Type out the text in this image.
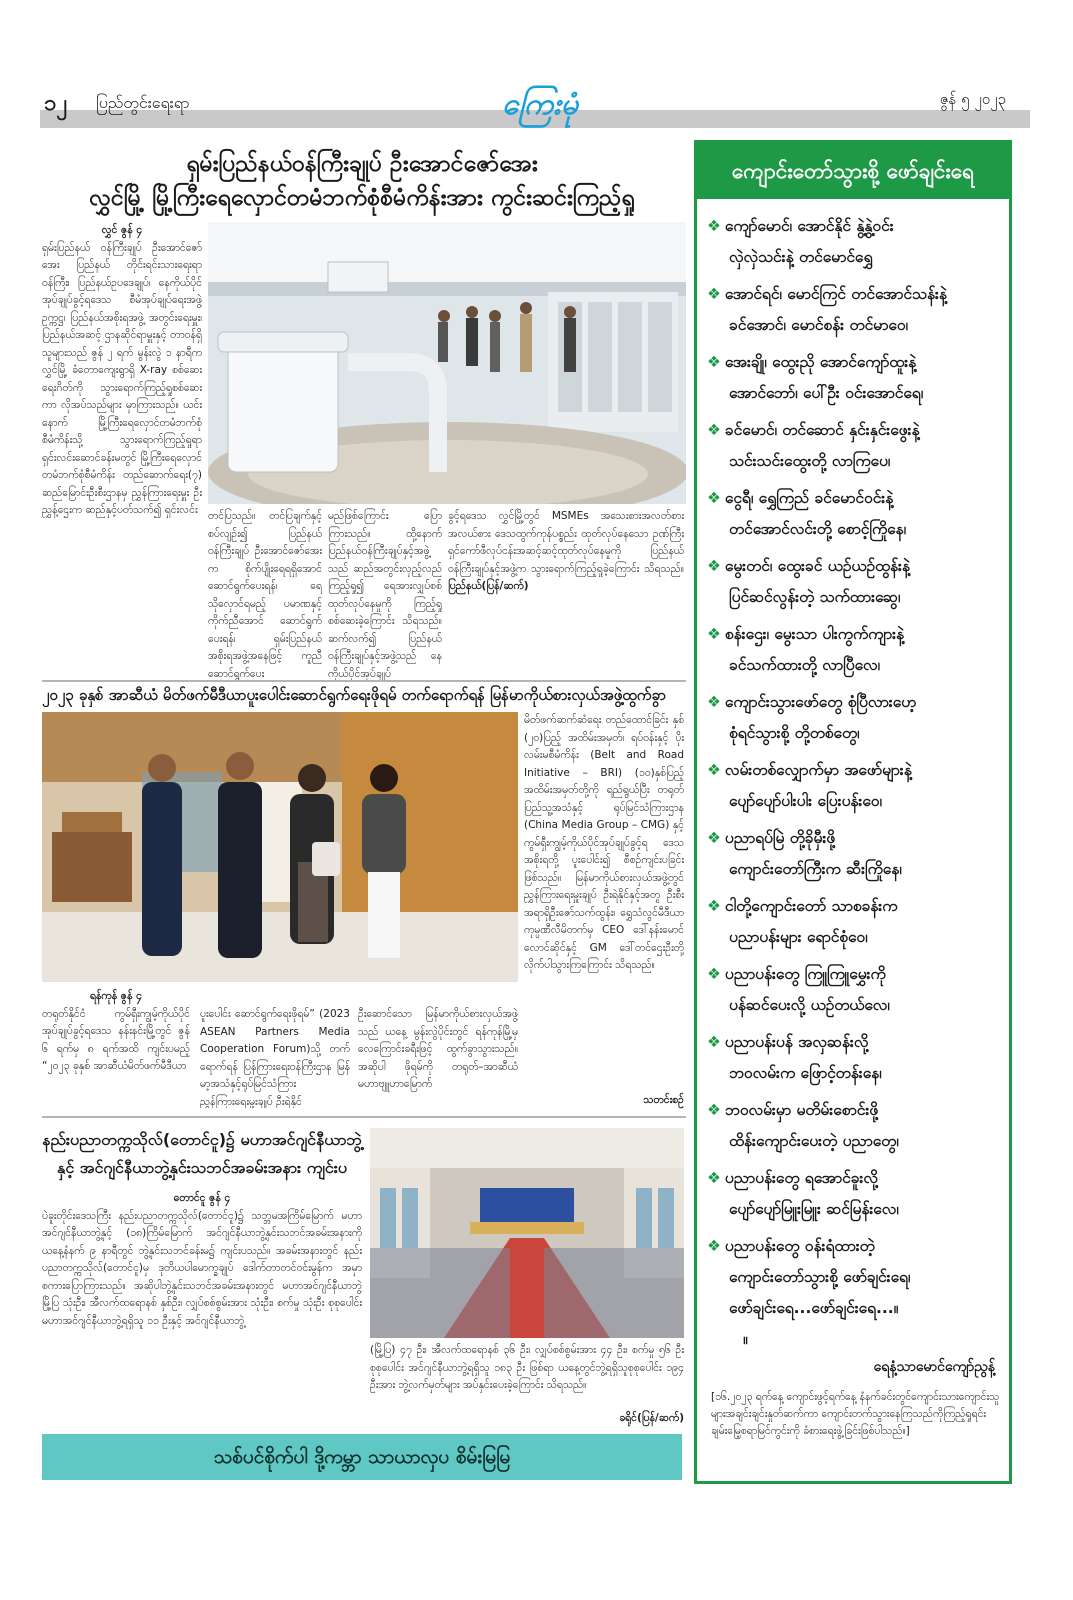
၁၂ ပြည်တွင်းရေးရာ	ကြေးမုံ	ဇွန် ၅ ၂၀၂၃
ရှမ်းပြည်နယ်ဝန်ကြီးချုပ် ဦးအောင်ဇော်အေး
လွှင်မြို့ မြို့ကြီးရေလှောင်တမံဘက်စုံစီမံကိန်းအား ကွင်းဆင်းကြည့်ရှု
လွှင် ဇွန် ၄
ရှမ်းပြည်နယ် ဝန်ကြီးချုပ် ဦးအောင်ဇော်အေး ပြည်နယ် တိုင်းရင်းသားရေးရာဝန်ကြီး၊ ပြည်နယ်ဥပဒေချုပ်၊ နေကိုယ်ပိုင်အုပ်ချုပ်ခွင့်ရဒေသ စီမံအုပ်ချုပ်ရေးအဖွဲ့ဥက္ကဋ္ဌ၊ ပြည်နယ်အစိုးရအဖွဲ့ အတွင်းရေးမှူး၊ ပြည်နယ်အဆင့် ဌာနဆိုင်ရာမှူးနှင့် တာဝန်ရှိသူများသည် ဇွန် ၂ ရက် မွန်းလွဲ ၁ နာရီက လွှင်မြို့ ခံတောကျေးရွာရှိ X-ray စစ်ဆေးရေးဂိတ်ကို သွားရောက်ကြည့်ရှုစစ်ဆေးကာ လိုအပ်သည်များ မှာကြားသည်။ ယင်းနောက် မြို့ကြီးရေလှောင်တမံဘက်စုံစီမံကိန်းသို့ သွားရောက်ကြည့်ရှုရာ ရှင်းလင်းဆောင်ခန်းမတွင် မြို့ကြီးရေလှောင်တမံဘက်စုံစီမံကိန်း တည်ဆောက်ရေး(၇) ဆည်မြောင်းဦးစီးဌာနမှ ညွှန်ကြားရေးမှူး ဦးညွှန့်ဌေးက ဆည်နှင့်ပတ်သက်၍ ရှင်းလင်း တင်ပြသည်။ တင်ပြချက်နှင့်စပ်လျဉ်း၍ ပြည်နယ်ဝန်ကြီးချုပ် ဦးအောင်ဇော်အေးက စိုက်ပျိုးရေရရှိအောင် ဆောင်ရွက်ပေးရန်၊ ရေသိုလှောင်ရမည့် ပမာဏနှင့်ကိုက်ညီအောင် ဆောင်ရွက်ပေးရန်၊ ရှမ်းပြည်နယ်အစိုးရအဖွဲ့အနေဖြင့် ကူညီဆောင်ရွက်ပေး
မည်ဖြစ်ကြောင်း ပြောကြားသည်။ ထို့နောက် ပြည်နယ်ဝန်ကြီးချုပ်နှင့်အဖွဲ့သည် ဆည်အတွင်းလှည့်လည်ကြည့်ရှု၍ ရေအားလျှပ်စစ်ထုတ်လုပ်နေမှုကို ကြည့်ရှုစစ်ဆေးခဲ့ကြောင်း သိရသည်။ ဆက်လက်၍ ပြည်နယ်ဝန်ကြီးချုပ်နှင့်အဖွဲ့သည် နေကိုယ်ပိုင်အုပ်ချုပ်
ခွင့်ရဒေသ လွှင်မြို့တွင် MSMEs အသေးစားအလတ်စား အလယ်စား ဒေသထွက်ကုန်ပစ္စည်း ထုတ်လုပ်နေသော ဥဏ်ကြီးရှင်ကော်ဖီလုပ်ငန်းအဆင့်ဆင့်ထုတ်လုပ်နေမှုကို ပြည်နယ်ဝန်ကြီးချုပ်နှင့်အဖွဲ့က သွားရောက်ကြည့်ရှုခဲ့ကြောင်း သိရသည်။ ပြည်နယ်(ပြန်/ဆက်)
၂၀၂၃ ခုနှစ် အာဆီယံ မိတ်ဖက်မီဒီယာပူးပေါင်းဆောင်ရွက်ရေးဖိုရမ် တက်ရောက်ရန် မြန်မာကိုယ်စားလှယ်အဖွဲ့ထွက်ခွာ
မိတ်ဖက်ဆက်ဆံရေး တည်ထောင်ခြင်း နှစ် (၂၀)ပြည့် အထိမ်းအမှတ်၊ ရပ်ဝန်းနှင့် ပိုးလမ်းမစီမံကိန်း (Belt and Road Initiative – BRI) (၁၀)နှစ်ပြည့် အထိမ်းအမှတ်တို့ကို ရည်ရွယ်ပြီး တရုတ်ပြည်သူ့အသံနှင့် ရုပ်မြင်သံကြားဌာန (China Media Group – CMG) နှင့် ကွမ်ရှီးကျွမ့်ကိုယ်ပိုင်အုပ်ချုပ်ခွင့်ရ ဒေသအစိုးရတို့ ပူးပေါင်း၍ စီစဉ်ကျင်းပခြင်းဖြစ်သည်။ မြန်မာကိုယ်စားလှယ်အဖွဲ့တွင် ညွှန်ကြားရေးမှူးချုပ် ဦးရဲနိုင်နှင့်အတူ ဦးစီးအရာရှိဦးဇော်သက်ထွန်း၊ ရွှေသံလွင်မီဒီယာကုမ္ပဏီလီမိတက်မှ CEO ဒေါ်နန်းမောင်လောင်ဆိုင်နှင့် GM ဒေါ်တင်ဌေးဦးတို့ လိုက်ပါသွားကြကြောင်း သိရသည်။
ရန်ကုန် ဇွန် ၄
တရုတ်နိုင်ငံ ကွမ်ရှီးကျွမ့်ကိုယ်ပိုင်အုပ်ချုပ်ခွင့်ရဒေသ နန်းနင်းမြို့တွင် ဇွန် ၆ ရက်မှ ၈ ရက်အထိ ကျင်းပမည့် “၂၀၂၃ ခုနှစ် အာဆီယံမိတ်ဖက်မီဒီယာ
ပူးပေါင်း ဆောင်ရွက်ရေးဖိုရမ်” (2023 ASEAN Partners Media Cooperation Forum)သို့ တက်ရောက်ရန် ပြန်ကြားရေးဝန်ကြီးဌာန မြန်မာ့အသံနှင့်ရုပ်မြင်သံကြား ညွှန်ကြားရေးမှူးချုပ် ဦးရဲနိုင်
ဦးဆောင်သော မြန်မာကိုယ်စားလှယ်အဖွဲ့သည် ယနေ့ မွန်းလွဲပိုင်းတွင် ရန်ကုန်မြို့မှ လေကြောင်းခရီးဖြင့် ထွက်ခွာသွားသည်။ အဆိုပါ ဖိုရမ်ကို တရုတ်–အာဆီယံ မဟာဗျူဟာမြောက်
သတင်းစဉ်
နည်းပညာတက္ကသိုလ်(တောင်ငူ)၌ မဟာအင်ဂျင်နီယာဘွဲ့
နှင့် အင်ဂျင်နီယာဘွဲ့နှင်းသဘင်အခမ်းအနား ကျင်းပ
တောင်ငူ ဇွန် ၄
ပဲခူးတိုင်းဒေသကြီး နည်းပညာတက္ကသိုလ်(တောင်ငူ)၌ သဘ္ဘမအကြိမ်မြောက် မဟာအင်ဂျင်နီယာဘွဲ့နှင့် (၁၈)ကြိမ်မြောက် အင်ဂျင်နီယာဘွဲ့နှင်းသဘင်အခမ်းအနားကို ယနေ့နံနက် ၉ နာရီတွင် ဘွဲ့နှင်းသဘင်ခန်းမ၌ ကျင်းပသည်။ အခမ်းအနားတွင် နည်းပညာတက္ကသိုလ်(တောင်ငူ)မှ ဒုတိယပါမောက္ခချုပ် ဒေါက်တာတင်ဝင်းမွန်က အမှာစကားပြောကြားသည်။ အဆိုပါဘွဲ့နှင်းသဘင်အခမ်းအနားတွင် မဟာအင်ဂျင်နီယာဘွဲ့ မြို့ပြ သုံးဦး၊ အီလက်ထရောနစ် နှစ်ဦး၊ လျှပ်စစ်စွမ်းအား သုံးဦး၊ စက်မှု သုံးဦး စုစုပေါင်း မဟာအင်ဂျင်နီယာဘွဲ့ရရှိသူ ၁၁ ဦးနှင့် အင်ဂျင်နီယာဘွဲ့
(မြို့ပြ) ၄၇ ဦး၊ အီလက်ထရောနစ် ၃၆ ဦး၊ လျှပ်စစ်စွမ်းအား ၄၄ ဦး၊ စက်မှု ၅၆ ဦး စုစုပေါင်း အင်ဂျင်နီယာဘွဲ့ရရှိသူ ၁၈၃ ဦး ဖြစ်ရာ ယနေ့တွင်ဘွဲ့ရရှိသူစုစုပေါင်း ၁၉၄ ဦးအား ဘွဲ့လက်မှတ်များ အပ်နှင်းပေးခဲ့ကြောင်း သိရသည်။
ခရိုင်(ပြန်/ဆက်)
သစ်ပင်စိုက်ပါ ဒို့ကမ္ဘာ သာယာလှပ စိမ်းမြမြ
ကျောင်းတော်သွားစို့ ဖော်ချင်းရေ
❖ ကျော်မောင်၊ အောင်နိုင် နွဲ့နွဲ့ဝင်း
လှဲလှဲသင်းနဲ့ တင်မောင်ရွှေ
❖ အောင်ရင်၊ မောင်ကြင် တင်အောင်သန်းနဲ့
ခင်အောင်၊ မောင်စန်း တင်မာဝေ၊
❖ အေးချို၊ ထွေးညို အောင်ကျော်ထူးနဲ့
အောင်ဘော်၊ ပေါ်ဦး ဝင်းအောင်ရေ၊
❖ ခင်မောင်၊ တင်ဆောင် နှင်းနှင်းဖွေးနဲ့
သင်းသင်းထွေးတို့ လာကြပေ၊
❖ ငွေရီ၊ ရွှေကြည် ခင်မောင်ဝင်းနဲ့
တင်အောင်လင်းတို့ စောင့်ကြိုနေ၊
❖ မွေးတင်၊ ထွေးခင် ယဉ်ယဉ်ထွန်းနဲ့
ပြင်ဆင်လွန်းတဲ့ သက်ထားဆွေ၊
❖ စန်းဌေး၊ မွေးသာ ပါးကွက်ကျားနဲ့
ခင်သက်ထားတို့ လာပြီလေ၊
❖ ကျောင်းသွားဖော်တွေ စုံပြီလားဟေ့
စုံရင်သွားစို့ တို့တစ်တွေ၊
❖ လမ်းတစ်လျှောက်မှာ အဖော်များနဲ့
ပျော်ပျော်ပါးပါး ပြေးပန်းဝေ၊
❖ ပညာရပ်မြဲ တို့ခိုမှီးဖို့
ကျောင်းတော်ကြီးက ဆီးကြိုနေ၊
❖ ငါတို့ကျောင်းတော် သာစခန်းက
ပညာပန်းများ ရောင်စုံဝေ၊
❖ ပညာပန်းတွေ ကြူကြူမွှေးကို
ပန်ဆင်ပေးလို့ ယဉ်တယ်လေ၊
❖ ပညာပန်းပန် အလှဆန်းလို့
ဘဝလမ်းက ဖြောင့်တန်းနေ၊
❖ ဘဝလမ်းမှာ မတိမ်းစောင်းဖို့
ထိန်းကျောင်းပေးတဲ့ ပညာတွေ၊
❖ ပညာပန်းတွေ ရအောင်ခူးလို့
ပျော်ပျော်မြူးမြူး ဆင်မြန်းလေ၊
❖ ပညာပန်းတွေ ဝန်းရံထားတဲ့
ကျောင်းတော်သွားစို့ ဖော်ချင်းရေ၊
ဖော်ချင်းရေ...ဖော်ချင်းရေ...။
။
ရေနံ့သာမောင်ကျော်ညွန့်
[၁၆.၂၀၂၃ ရက်နေ့ ကျောင်းဖွင့်ရက်နေ့ နံနက်ခင်းတွင်ကျောင်းသားကျောင်းသူများအချင်းချင်းနှုတ်ဆက်ကာ ကျောင်းတက်သွားနေကြသည်ကိုကြည့်ရှုရင်း ချမ်းမြေ့စရာမြင်ကွင်းကို ခံစားရေးဖွဲ့ခြင်းဖြစ်ပါသည်။]
